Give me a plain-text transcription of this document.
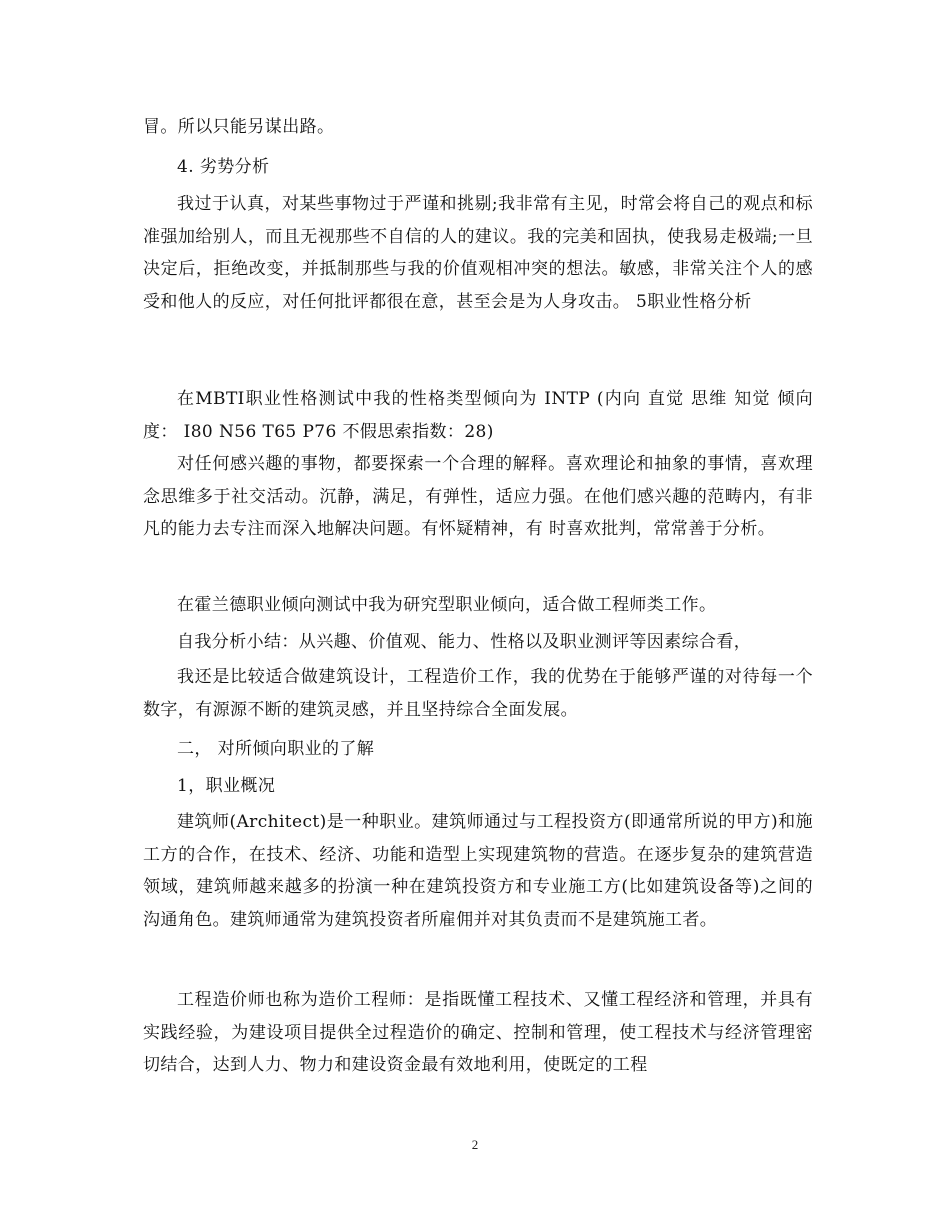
冒。所以只能另谋出路。

4. 劣势分析

我过于认真，对某些事物过于严谨和挑剔;我非常有主见，时常会将自己的观点和标准强加给别人，而且无视那些不自信的人的建议。我的完美和固执，使我易走极端;一旦决定后，拒绝改变，并抵制那些与我的价值观相冲突的想法。敏感，非常关注个人的感受和他人的反应，对任何批评都很在意，甚至会是为人身攻击。 5职业性格分析

在MBTI职业性格测试中我的性格类型倾向为 INTP (内向 直觉 思维 知觉 倾向度： I80 N56 T65 P76 不假思索指数：28)

对任何感兴趣的事物，都要探索一个合理的解释。喜欢理论和抽象的事情，喜欢理念思维多于社交活动。沉静，满足，有弹性，适应力强。在他们感兴趣的范畴内，有非凡的能力去专注而深入地解决问题。有怀疑精神，有 时喜欢批判，常常善于分析。

在霍兰德职业倾向测试中我为研究型职业倾向，适合做工程师类工作。

自我分析小结：从兴趣、价值观、能力、性格以及职业测评等因素综合看，

我还是比较适合做建筑设计，工程造价工作，我的优势在于能够严谨的对待每一个数字，有源源不断的建筑灵感，并且坚持综合全面发展。

二， 对所倾向职业的了解

1，职业概况

建筑师(Architect)是一种职业。建筑师通过与工程投资方(即通常所说的甲方)和施工方的合作，在技术、经济、功能和造型上实现建筑物的营造。在逐步复杂的建筑营造领域，建筑师越来越多的扮演一种在建筑投资方和专业施工方(比如建筑设备等)之间的沟通角色。建筑师通常为建筑投资者所雇佣并对其负责而不是建筑施工者。

工程造价师也称为造价工程师：是指既懂工程技术、又懂工程经济和管理，并具有实践经验，为建设项目提供全过程造价的确定、控制和管理，使工程技术与经济管理密切结合，达到人力、物力和建设资金最有效地利用，使既定的工程

2
